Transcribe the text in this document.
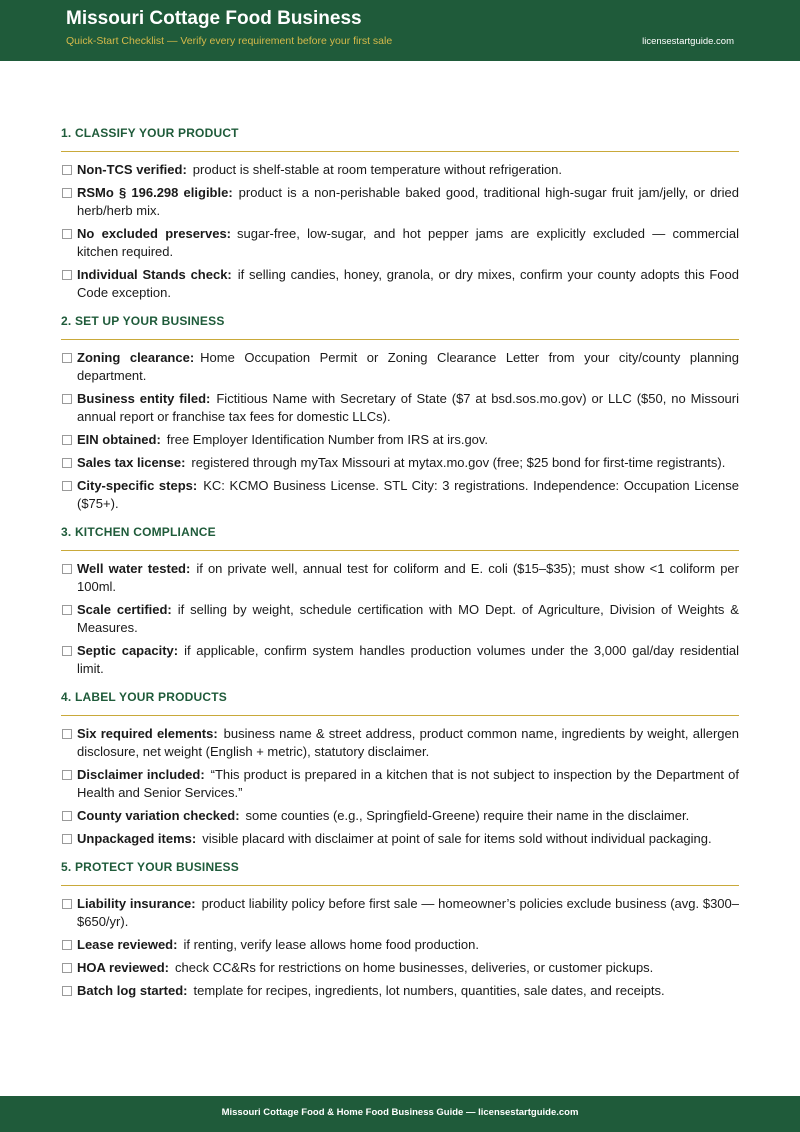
Missouri Cottage Food Business
Quick-Start Checklist — Verify every requirement before your first sale	licensestartguide.com
1. CLASSIFY YOUR PRODUCT
Non-TCS verified: product is shelf-stable at room temperature without refrigeration.
RSMo § 196.298 eligible: product is a non-perishable baked good, traditional high-sugar fruit jam/jelly, or dried herb/herb mix.
No excluded preserves: sugar-free, low-sugar, and hot pepper jams are explicitly excluded — commercial kitchen required.
Individual Stands check: if selling candies, honey, granola, or dry mixes, confirm your county adopts this Food Code exception.
2. SET UP YOUR BUSINESS
Zoning clearance: Home Occupation Permit or Zoning Clearance Letter from your city/county planning department.
Business entity filed: Fictitious Name with Secretary of State ($7 at bsd.sos.mo.gov) or LLC ($50, no Missouri annual report or franchise tax fees for domestic LLCs).
EIN obtained: free Employer Identification Number from IRS at irs.gov.
Sales tax license: registered through myTax Missouri at mytax.mo.gov (free; $25 bond for first-time registrants).
City-specific steps: KC: KCMO Business License. STL City: 3 registrations. Independence: Occupation License ($75+).
3. KITCHEN COMPLIANCE
Well water tested: if on private well, annual test for coliform and E. coli ($15–$35); must show <1 coliform per 100ml.
Scale certified: if selling by weight, schedule certification with MO Dept. of Agriculture, Division of Weights & Measures.
Septic capacity: if applicable, confirm system handles production volumes under the 3,000 gal/day residential limit.
4. LABEL YOUR PRODUCTS
Six required elements: business name & street address, product common name, ingredients by weight, allergen disclosure, net weight (English + metric), statutory disclaimer.
Disclaimer included: “This product is prepared in a kitchen that is not subject to inspection by the Department of Health and Senior Services.”
County variation checked: some counties (e.g., Springfield-Greene) require their name in the disclaimer.
Unpackaged items: visible placard with disclaimer at point of sale for items sold without individual packaging.
5. PROTECT YOUR BUSINESS
Liability insurance: product liability policy before first sale — homeowner’s policies exclude business (avg. $300–$650/yr).
Lease reviewed: if renting, verify lease allows home food production.
HOA reviewed: check CC&Rs for restrictions on home businesses, deliveries, or customer pickups.
Batch log started: template for recipes, ingredients, lot numbers, quantities, sale dates, and receipts.
Missouri Cottage Food & Home Food Business Guide — licensestartguide.com
